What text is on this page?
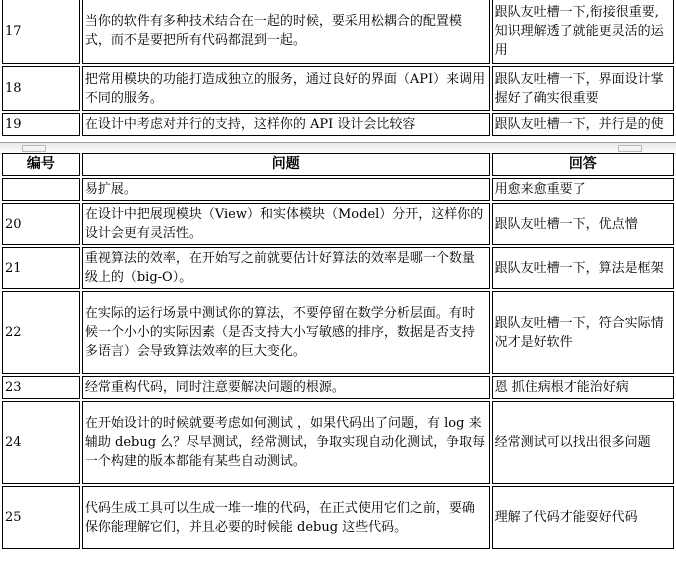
17	当你的软件有多种技术结合在一起的时候，要采用松耦合的配置模式，而不是要把所有代码都混到一起。	跟队友吐槽一下,衔接很重要,知识理解透了就能更灵活的运用
18	把常用模块的功能打造成独立的服务，通过良好的界面（API）来调用不同的服务。	跟队友吐槽一下，界面设计掌握好了确实很重要
19	在设计中考虑对并行的支持，这样你的 API 设计会比较容	跟队友吐槽一下，并行是的使
编号	问题	回答
	易扩展。	用愈来愈重要了
20	在设计中把展现模块（View）和实体模块（Model）分开，这样你的设计会更有灵活性。	跟队友吐槽一下，优点憎
21	重视算法的效率，在开始写之前就要估计好算法的效率是哪一个数量级上的（big-O）。	跟队友吐槽一下，算法是框架
22	在实际的运行场景中测试你的算法，不要停留在数学分析层面。有时候一个小小的实际因素（是否支持大小写敏感的排序，数据是否支持多语言）会导致算法效率的巨大变化。	跟队友吐槽一下，符合实际情况才是好软件
23	经常重构代码，同时注意要解决问题的根源。	恩 抓住病根才能治好病
24	在开始设计的时候就要考虑如何测试 ，如果代码出了问题，有 log 来辅助 debug 么？尽早测试，经常测试，争取实现自动化测试，争取每一个构建的版本都能有某些自动测试。	经常测试可以找出很多问题
25	代码生成工具可以生成一堆一堆的代码，在正式使用它们之前，要确保你能理解它们，并且必要的时候能 debug 这些代码。	理解了代码才能耍好代码
